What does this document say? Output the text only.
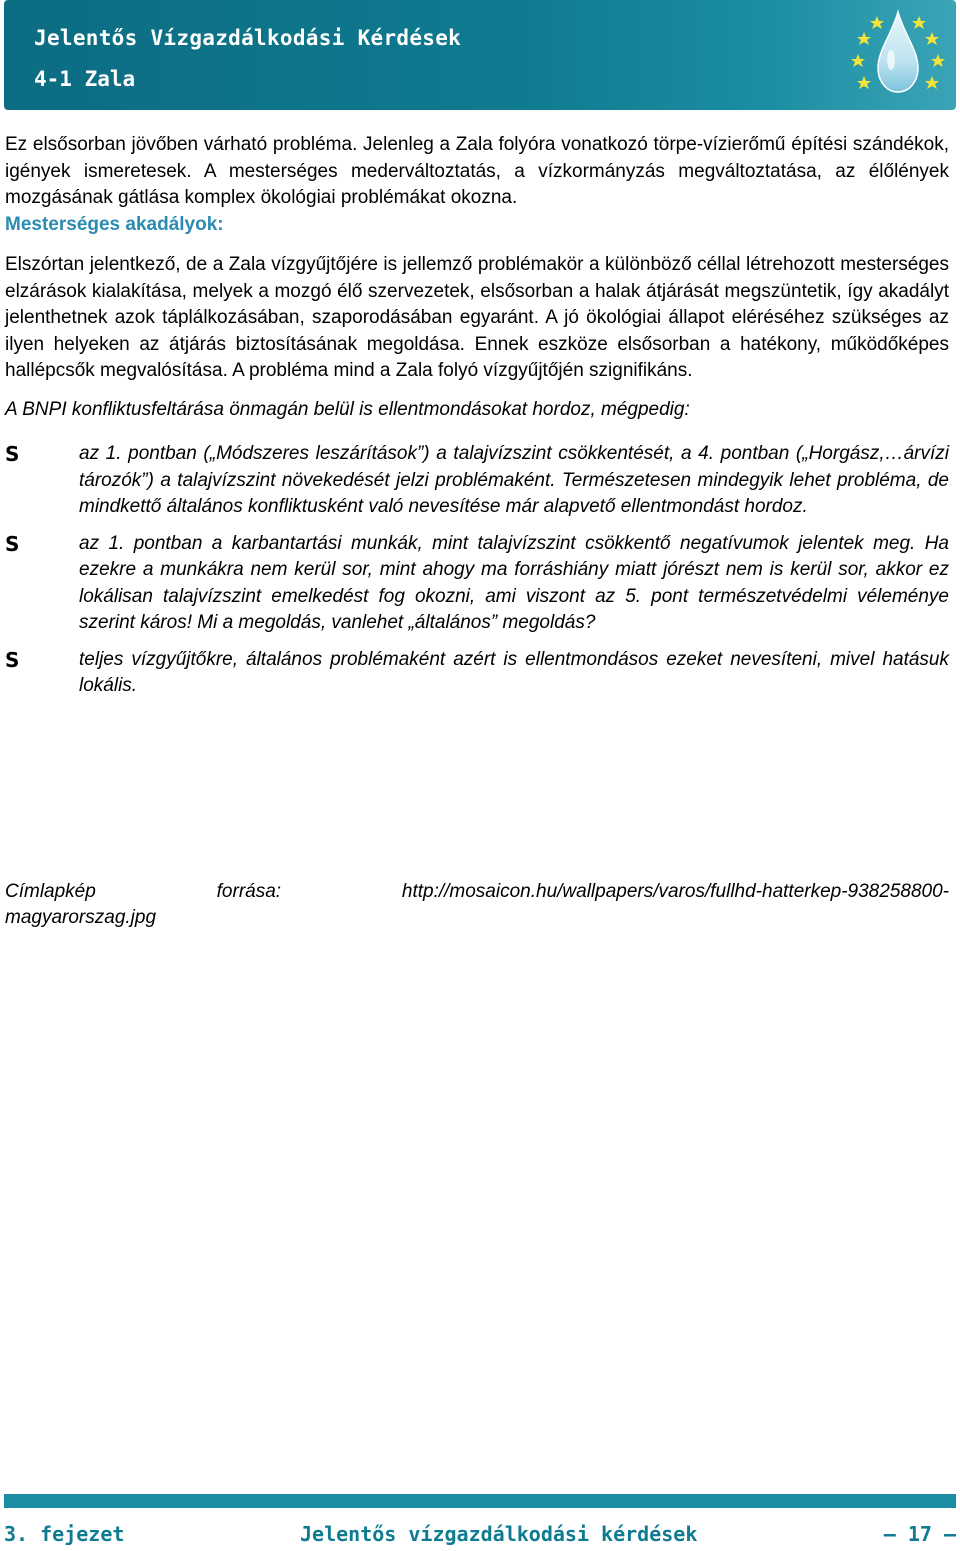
Jelentős Vízgazdálkodási Kérdések
4-1 Zala

Ez elsősorban jövőben várható probléma. Jelenleg a Zala folyóra vonatkozó törpe-vízierőmű építési szándékok, igények ismeretesek. A mesterséges mederváltoztatás, a vízkormányzás megváltoztatása, az élőlények mozgásának gátlása komplex ökológiai problémákat okozna.

Mesterséges akadályok:

Elszórtan jelentkező, de a Zala vízgyűjtőjére is jellemző problémakör a különböző céllal létrehozott mesterséges elzárások kialakítása, melyek a mozgó élő szervezetek, elsősorban a halak átjárását megszüntetik, így akadályt jelenthetnek azok táplálkozásában, szaporodásában egyaránt. A jó ökológiai állapot eléréséhez szükséges az ilyen helyeken az átjárás biztosításának megoldása. Ennek eszköze elsősorban a hatékony, működőképes hallépcsők megvalósítása. A probléma mind a Zala folyó vízgyűjtőjén szignifikáns.

A BNPI konfliktusfeltárása önmagán belül is ellentmondásokat hordoz, mégpedig:

S	az 1. pontban („Módszeres leszárítások”) a talajvízszint csökkentését, a 4. pontban („Horgász,…árvízi tározók”) a talajvízszint növekedését jelzi problémaként. Természetesen mindegyik lehet probléma, de mindkettő általános konfliktusként való nevesítése már alapvető ellentmondást hordoz.
S	az 1. pontban a karbantartási munkák, mint talajvízszint csökkentő negatívumok jelentek meg. Ha ezekre a munkákra nem kerül sor, mint ahogy ma forráshiány miatt jórészt nem is kerül sor, akkor ez lokálisan talajvízszint emelkedést fog okozni, ami viszont az 5. pont természetvédelmi véleménye szerint káros! Mi a megoldás, vanlehet „általános” megoldás?
S	teljes vízgyűjtőkre, általános problémaként azért is ellentmondásos ezeket nevesíteni, mivel hatásuk lokális.
Címlapkép	forrása:	http://mosaicon.hu/wallpapers/varos/fullhd-hatterkep-938258800-
magyarorszag.jpg
3. fejezet	Jelentős vízgazdálkodási kérdések	— 17 —
